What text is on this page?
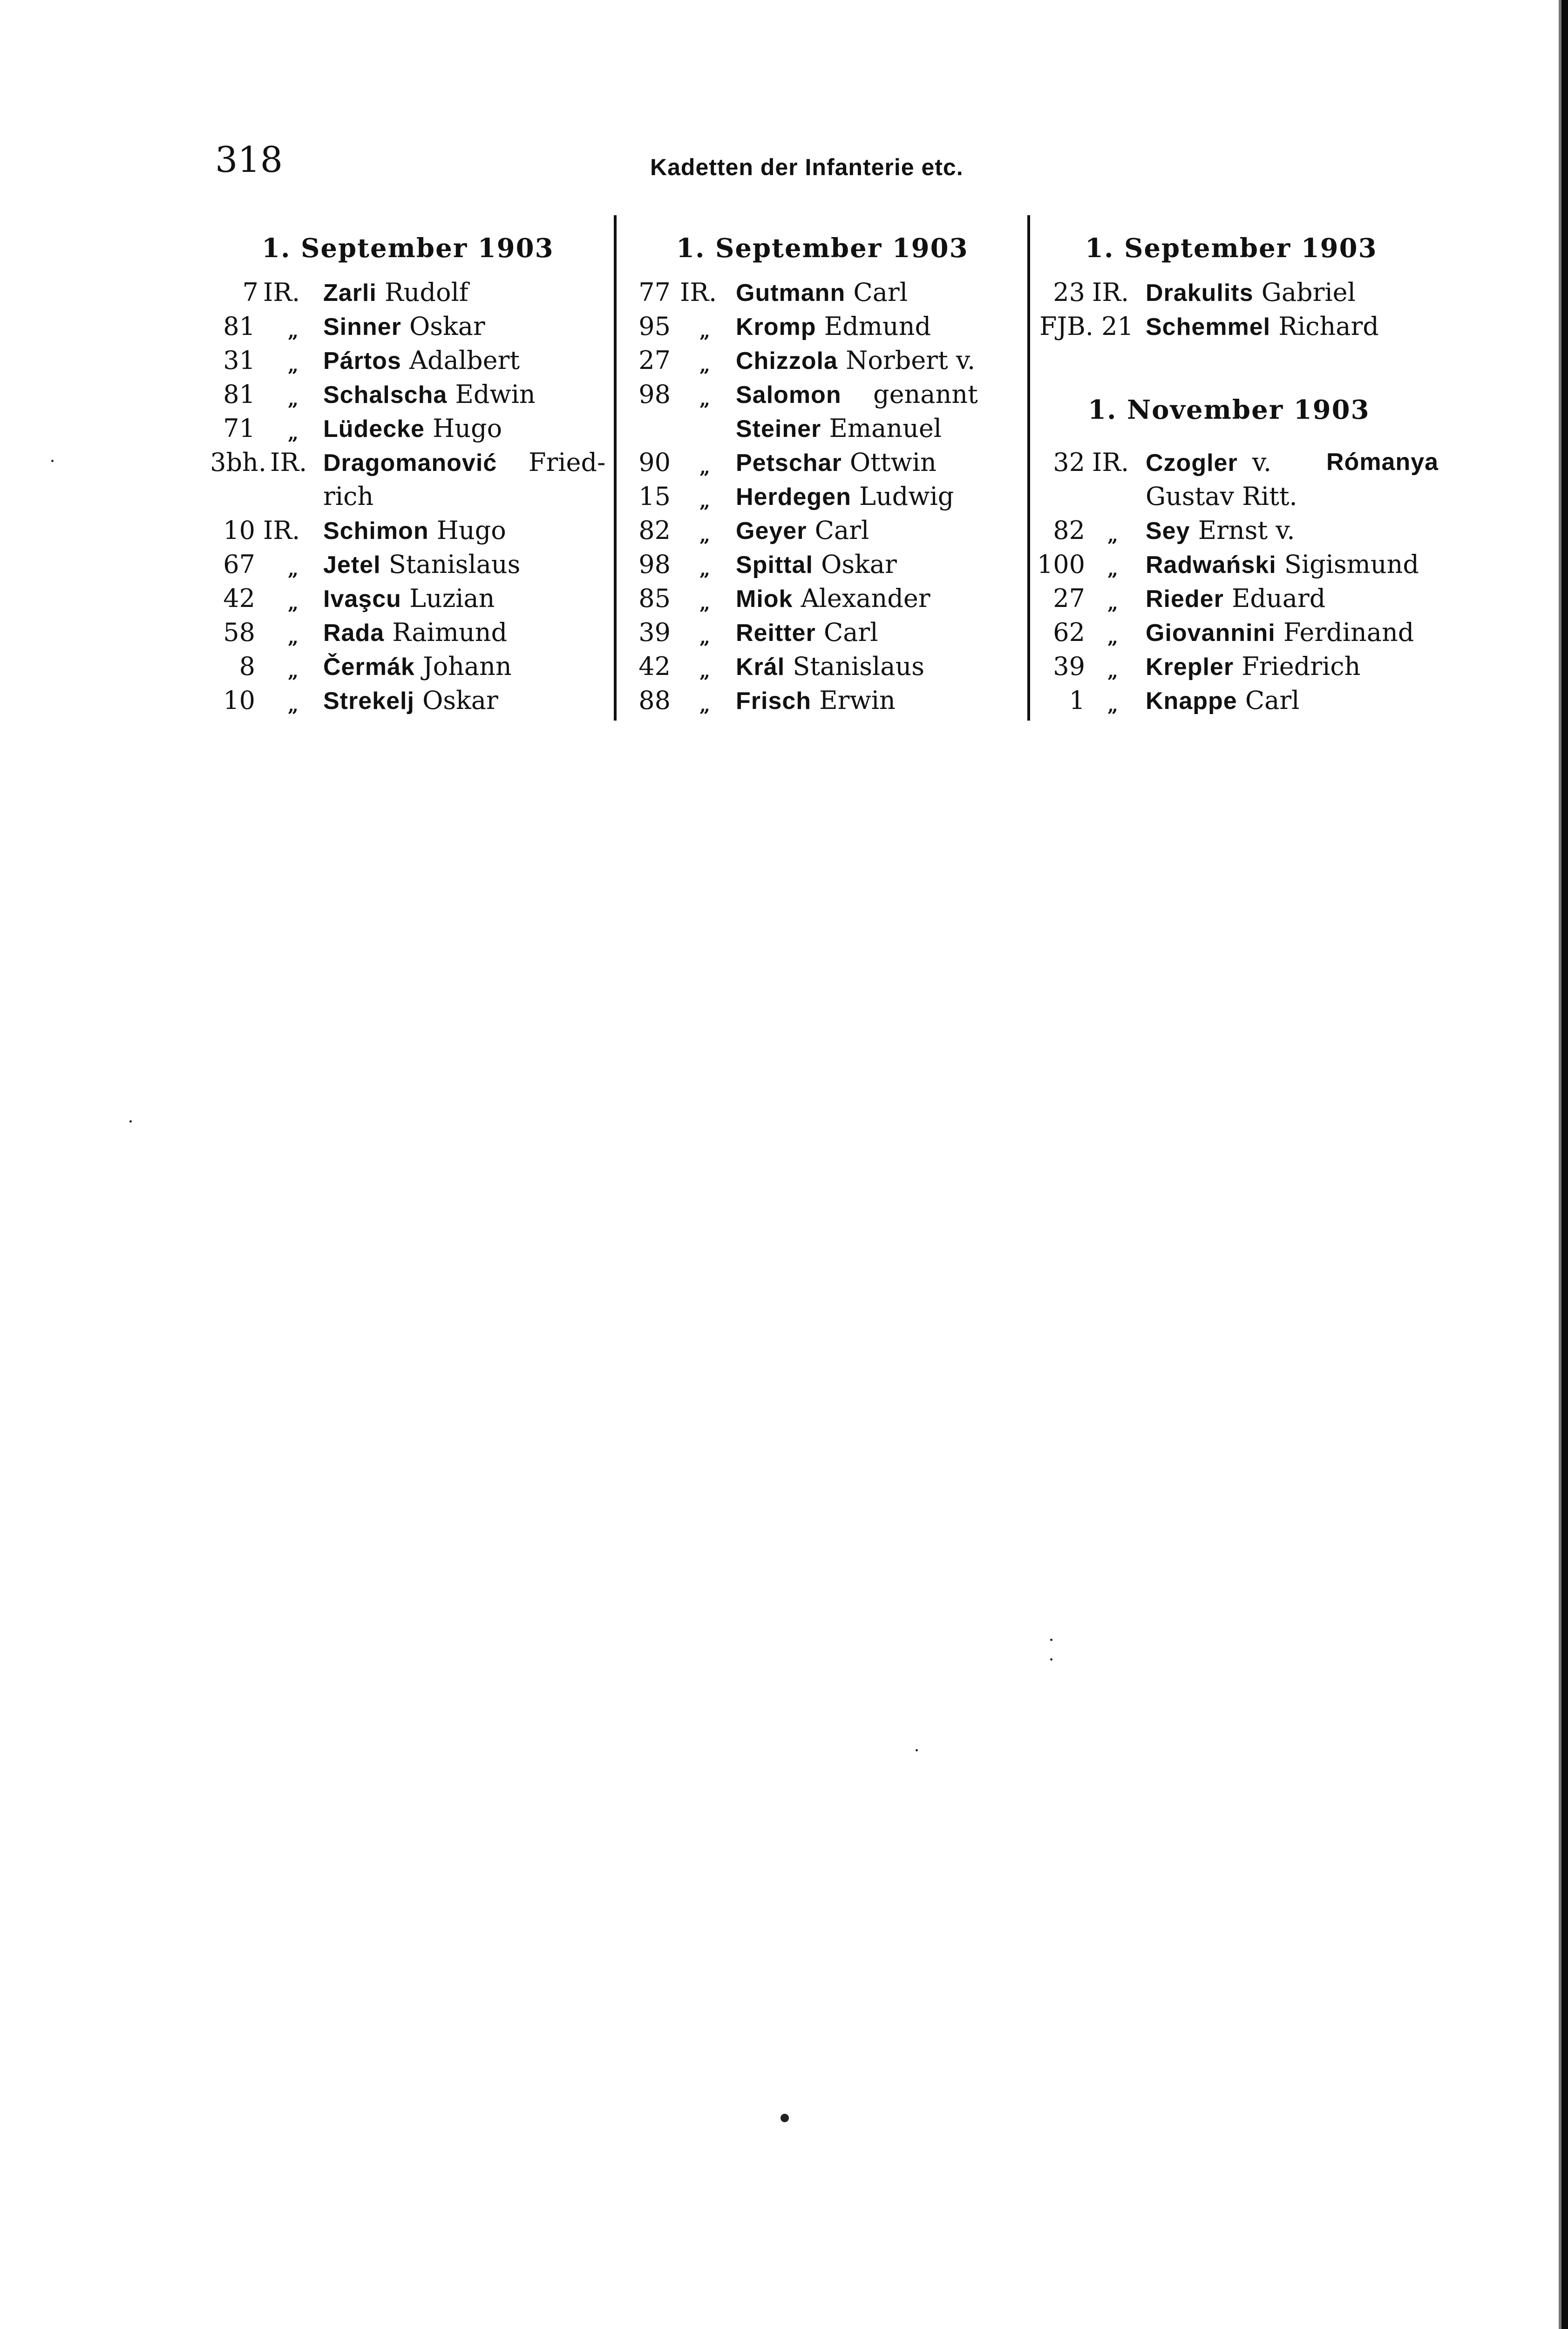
318	Kadetten der Infanterie etc.
1. September 1903
7 IR. Zarli Rudolf
81 „ Sinner Oskar
31 „ Pártos Adalbert
81 „ Schalscha Edwin
71 „ Lüdecke Hugo
3bh. IR. Dragomanović Fried-
rich
10 IR. Schimon Hugo
67 „ Jetel Stanislaus
42 „ Ivaşcu Luzian
58 „ Rada Raimund
8 „ Čermák Johann
10 „ Strekelj Oskar
1. September 1903
77 IR. Gutmann Carl
95 „ Kromp Edmund
27 „ Chizzola Norbert v.
98 „ Salomon genannt
Steiner Emanuel
90 „ Petschar Ottwin
15 „ Herdegen Ludwig
82 „ Geyer Carl
98 „ Spittal Oskar
85 „ Miok Alexander
39 „ Reitter Carl
42 „ Král Stanislaus
88 „ Frisch Erwin
1. September 1903
23 IR. Drakulits Gabriel
FJB. 21 Schemmel Richard
1. November 1903
32 IR. Czogler v. Rómanya
Gustav Ritt.
82 „ Sey Ernst v.
100 „ Radwański Sigismund
27 „ Rieder Eduard
62 „ Giovannini Ferdinand
39 „ Krepler Friedrich
1 „ Knappe Carl
